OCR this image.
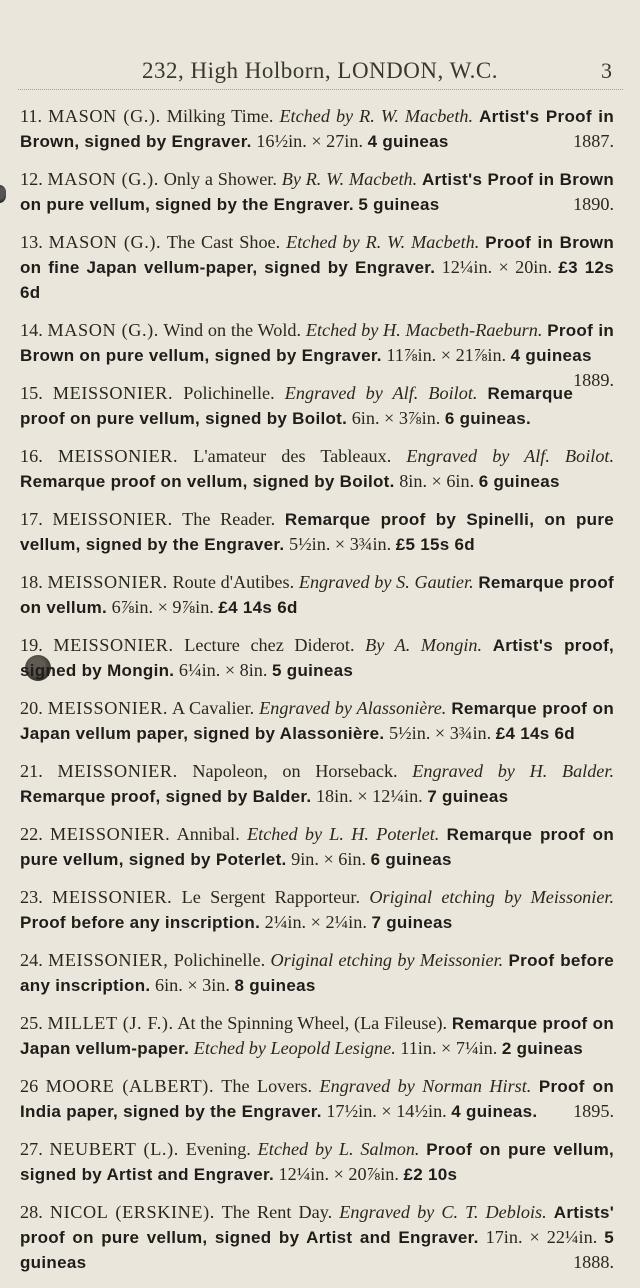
232, High Holborn, LONDON, W.C.	3
11. MASON (G.). Milking Time. Etched by R. W. Macbeth. Artist's Proof in Brown, signed by Engraver. 16½in. × 27in. 4 guineas	1887.
12. MASON (G.). Only a Shower. By R. W. Macbeth. Artist's Proof in Brown on pure vellum, signed by the Engraver. 5 guineas	1890.
13. MASON (G.). The Cast Shoe. Etched by R. W. Macbeth. Proof in Brown on fine Japan vellum-paper, signed by Engraver. 12¼in. × 20in. £3 12s 6d
14. MASON (G.). Wind on the Wold. Etched by H. Macbeth-Raeburn. Proof in Brown on pure vellum, signed by Engraver. 11⅞in. × 21⅞in. 4 guineas
1889.
15. MEISSONIER. Polichinelle. Engraved by Alf. Boilot. Remarque proof on pure vellum, signed by Boilot. 6in. × 3⅞in. 6 guineas.
16. MEISSONIER. L'amateur des Tableaux. Engraved by Alf. Boilot. Remarque proof on vellum, signed by Boilot. 8in. × 6in. 6 guineas
17. MEISSONIER. The Reader. Remarque proof by Spinelli, on pure vellum, signed by the Engraver. 5½in. × 3¾in. £5 15s 6d
18. MEISSONIER. Route d'Autibes. Engraved by S. Gautier. Remarque proof on vellum. 6⅞in. × 9⅞in. £4 14s 6d
19. MEISSONIER. Lecture chez Diderot. By A. Mongin. Artist's proof, signed by Mongin. 6¼in. × 8in. 5 guineas
20. MEISSONIER. A Cavalier. Engraved by Alassonière. Remarque proof on Japan vellum paper, signed by Alassonière. 5½in. × 3¾in. £4 14s 6d
21. MEISSONIER. Napoleon, on Horseback. Engraved by H. Balder. Remarque proof, signed by Balder. 18in. × 12¼in. 7 guineas
22. MEISSONIER. Annibal. Etched by L. H. Poterlet. Remarque proof on pure vellum, signed by Poterlet. 9in. × 6in. 6 guineas
23. MEISSONIER. Le Sergent Rapporteur. Original etching by Meissonier. Proof before any inscription. 2¼in. × 2¼in. 7 guineas
24. MEISSONIER, Polichinelle. Original etching by Meissonier. Proof before any inscription. 6in. × 3in. 8 guineas
25. MILLET (J. F.). At the Spinning Wheel, (La Fileuse). Remarque proof on Japan vellum-paper. Etched by Leopold Lesigne. 11in. × 7¼in. 2 guineas
26 MOORE (ALBERT). The Lovers. Engraved by Norman Hirst. Proof on India paper, signed by the Engraver. 17½in. × 14½in. 4 guineas. 1895.
27. NEUBERT (L.). Evening. Etched by L. Salmon. Proof on pure vellum, signed by Artist and Engraver. 12¼in. × 20⅞in. £2 10s
28. NICOL (ERSKINE). The Rent Day. Engraved by C. T. Deblois. Artists' proof on pure vellum, signed by Artist and Engraver. 17in. × 22¼in. 5 guineas	1888.
